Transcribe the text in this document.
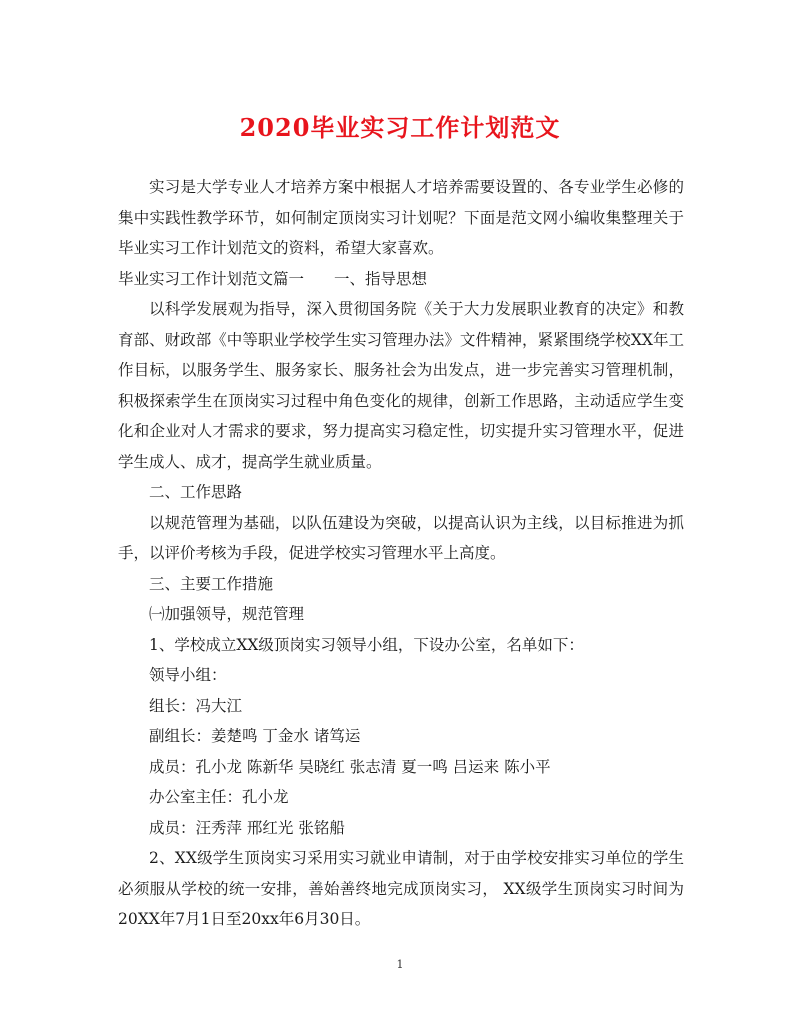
2020毕业实习工作计划范文

实习是大学专业人才培养方案中根据人才培养需要设置的、各专业学生必修的集中实践性教学环节，如何制定顶岗实习计划呢？下面是范文网小编收集整理关于毕业实习工作计划范文的资料，希望大家喜欢。

毕业实习工作计划范文篇一 一、指导思想

以科学发展观为指导，深入贯彻国务院《关于大力发展职业教育的决定》和教育部、财政部《中等职业学校学生实习管理办法》文件精神，紧紧围绕学校XX年工作目标，以服务学生、服务家长、服务社会为出发点，进一步完善实习管理机制，积极探索学生在顶岗实习过程中角色变化的规律，创新工作思路，主动适应学生变化和企业对人才需求的要求，努力提高实习稳定性，切实提升实习管理水平，促进学生成人、成才，提高学生就业质量。

二、工作思路

以规范管理为基础，以队伍建设为突破，以提高认识为主线，以目标推进为抓手，以评价考核为手段，促进学校实习管理水平上高度。

三、主要工作措施

㈠加强领导，规范管理

1、学校成立XX级顶岗实习领导小组，下设办公室，名单如下：

领导小组：

组长：冯大江

副组长：姜楚鸣 丁金水 诸笃运

成员：孔小龙 陈新华 吴晓红 张志清 夏一鸣 吕运来 陈小平

办公室主任：孔小龙

成员：汪秀萍 邢红光 张铭船

2、XX级学生顶岗实习采用实习就业申请制，对于由学校安排实习单位的学生必须服从学校的统一安排，善始善终地完成顶岗实习， XX级学生顶岗实习时间为20XX年7月1日至20xx年6月30日。

1
